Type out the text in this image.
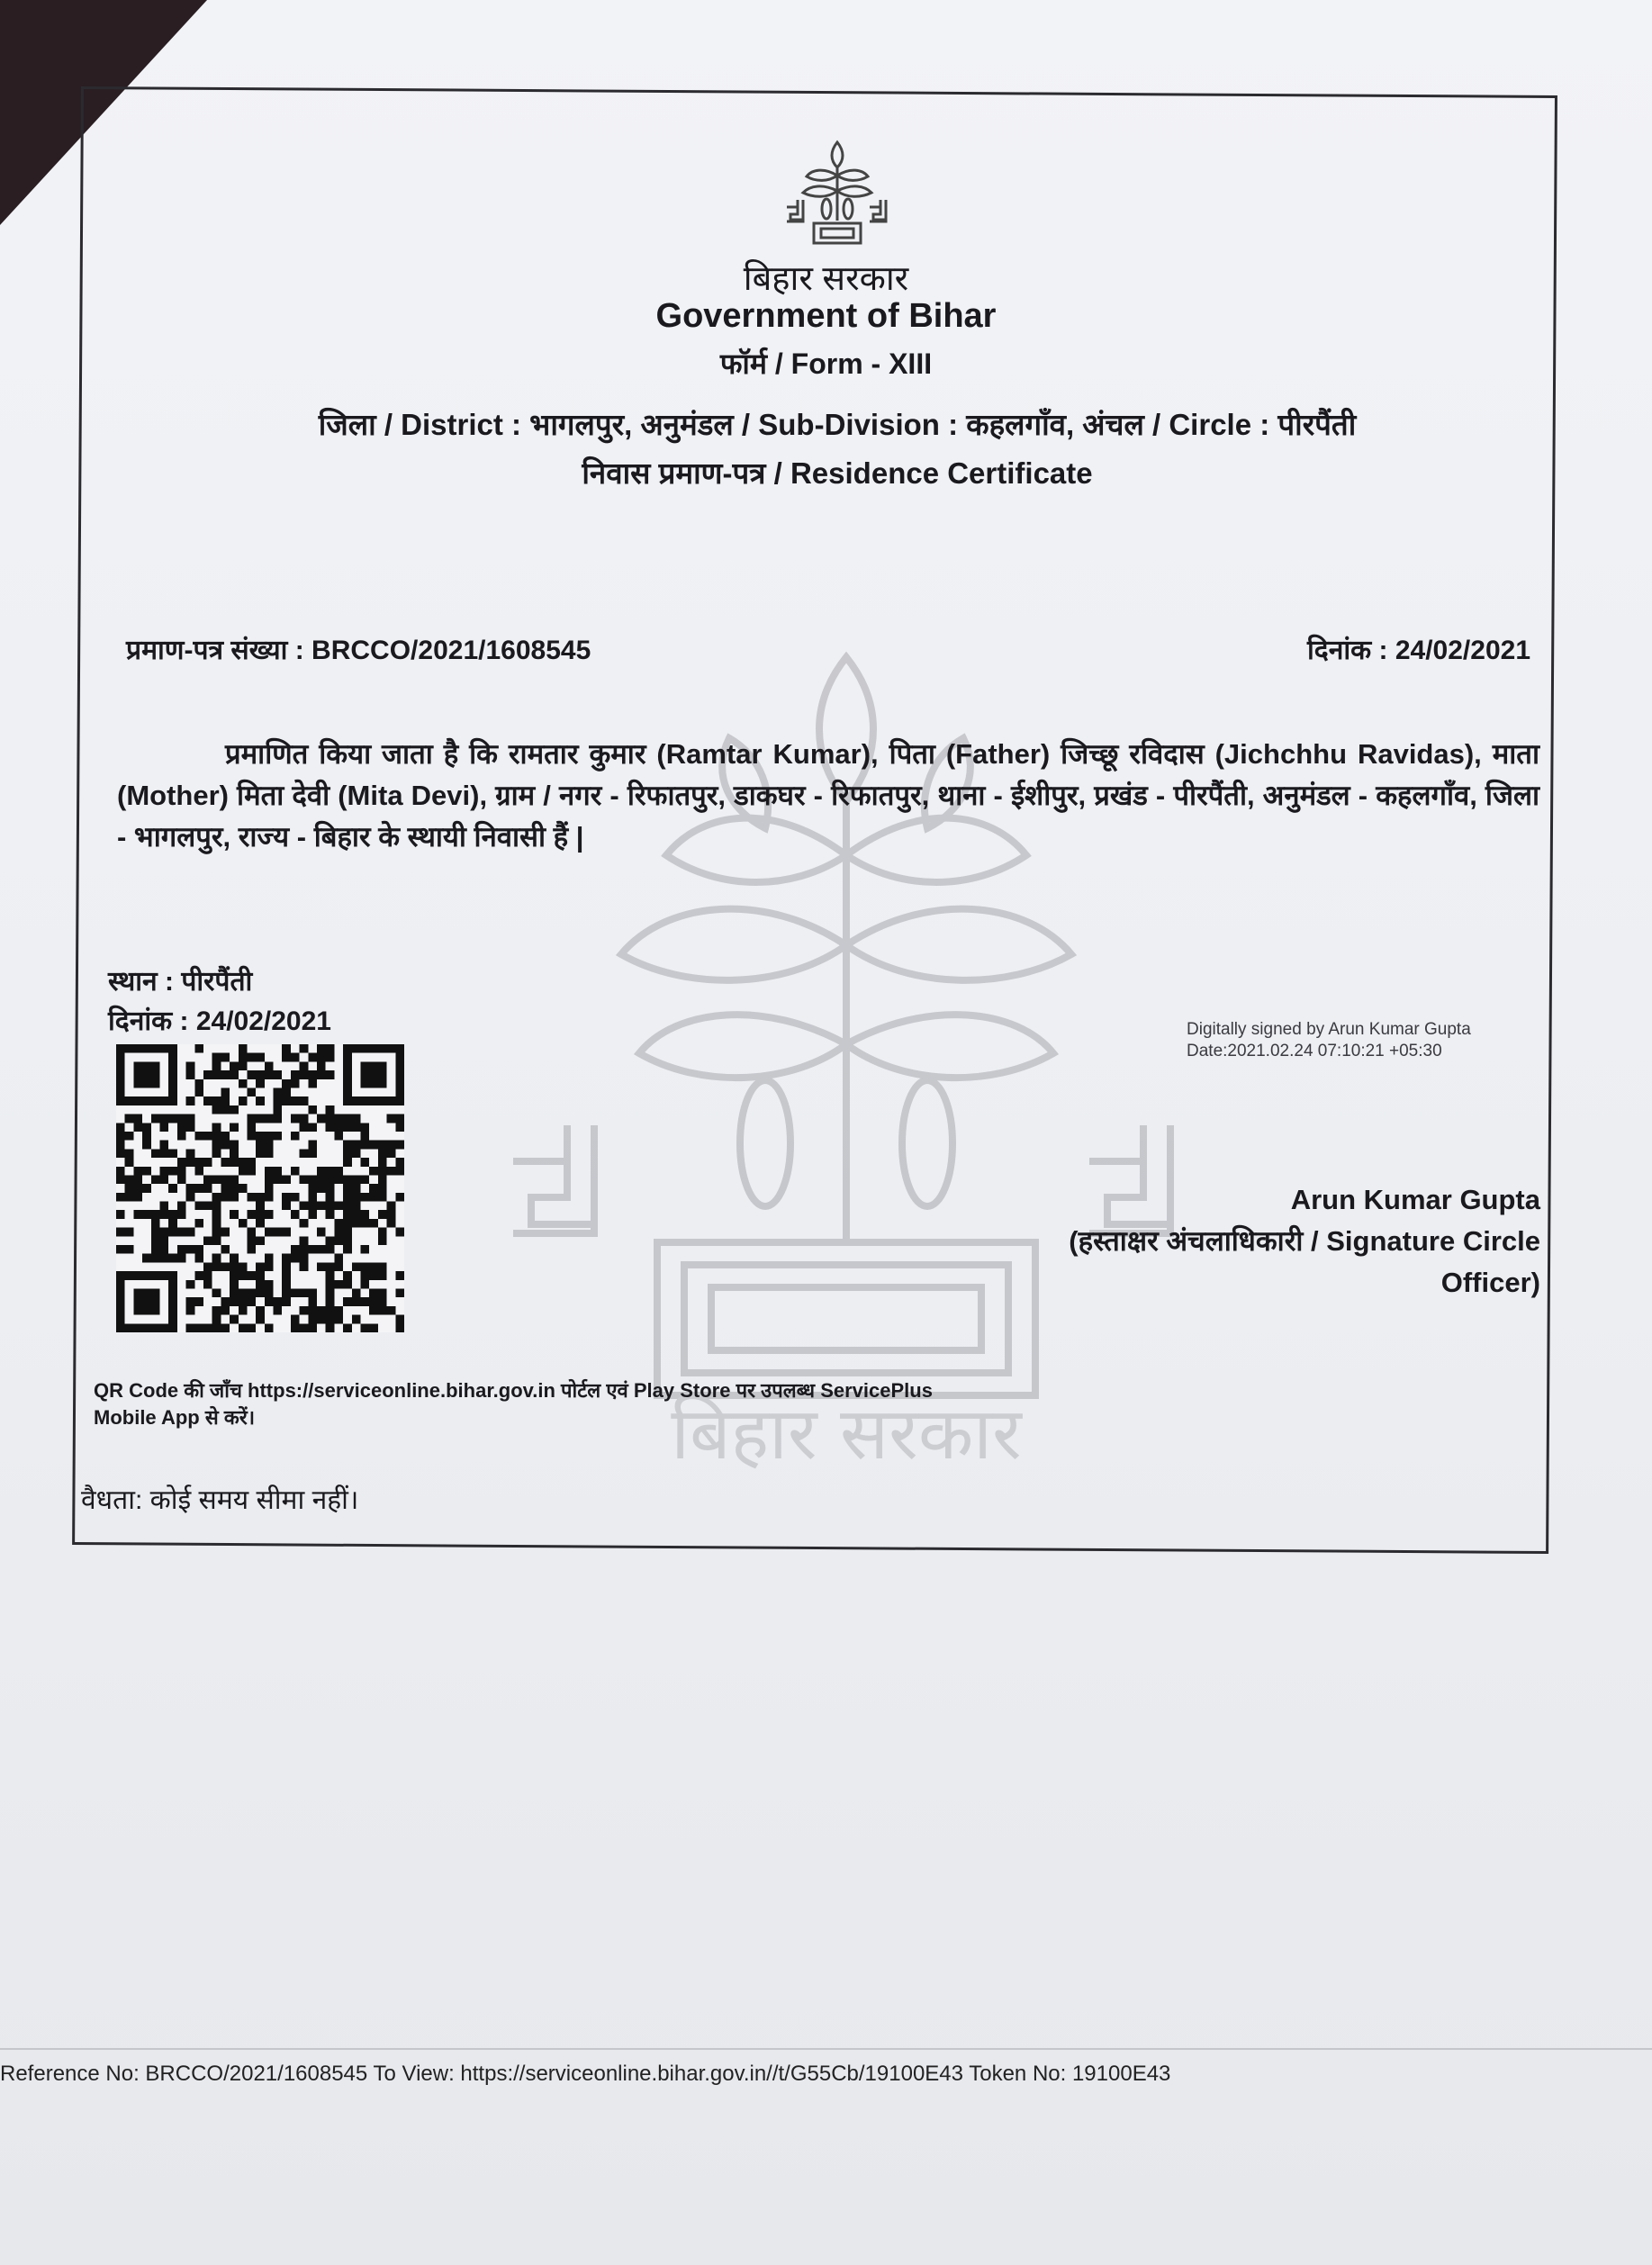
बिहार सरकार
बिहार सरकार
Government of Bihar
फॉर्म / Form - XIII
जिला / District : भागलपुर, अनुमंडल / Sub-Division : कहलगाँव, अंचल / Circle : पीरपैंती
निवास प्रमाण-पत्र / Residence Certificate
प्रमाण-पत्र संख्या : BRCCO/2021/1608545	दिनांक : 24/02/2021
प्रमाणित किया जाता है कि रामतार कुमार (Ramtar Kumar), पिता (Father) जिच्छू रविदास (Jichchhu Ravidas), माता (Mother) मिता देवी (Mita Devi), ग्राम / नगर - रिफातपुर, डाकघर - रिफातपुर, थाना - ईशीपुर, प्रखंड - पीरपैंती, अनुमंडल - कहलगाँव, जिला - भागलपुर, राज्य - बिहार के स्थायी निवासी हैं |
स्थान : पीरपैंती
दिनांक : 24/02/2021	Digitally signed by Arun Kumar Gupta
Date:2021.02.24 07:10:21 +05:30
Arun Kumar Gupta
(हस्ताक्षर अंचलाधिकारी / Signature Circle
Officer)
QR Code की जाँच https://serviceonline.bihar.gov.in पोर्टल एवं Play Store पर उपलब्ध ServicePlus Mobile App से करें।
वैधता: कोई समय सीमा नहीं।
Reference No: BRCCO/2021/1608545 To View: https://serviceonline.bihar.gov.in//t/G55Cb/19100E43 Token No: 19100E43
